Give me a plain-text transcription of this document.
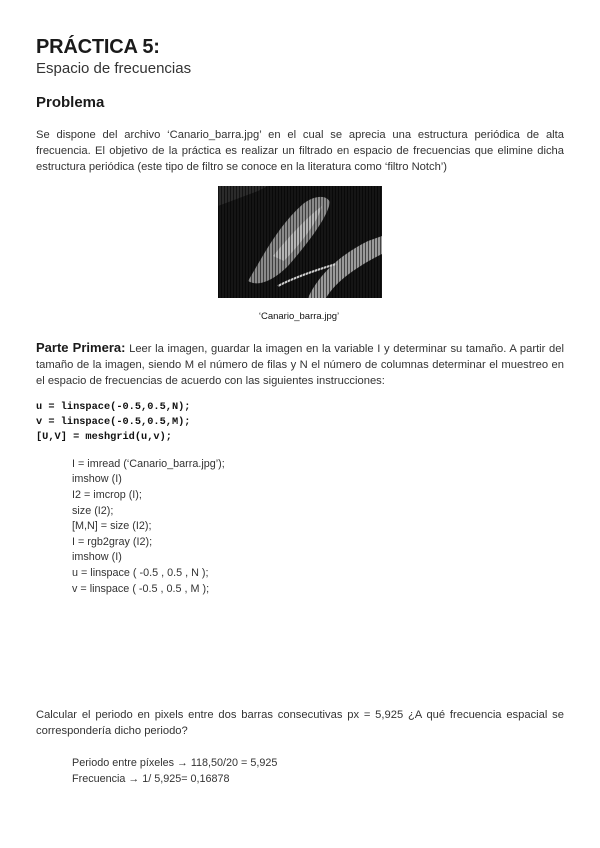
PRÁCTICA 5:
Espacio de frecuencias
Problema

Se dispone del archivo ‘Canario_barra.jpg’ en el cual se aprecia una estructura periódica de alta frecuencia. El objetivo de la práctica es realizar un filtrado en espacio de frecuencias que elimine dicha estructura periódica (este tipo de filtro se conoce en la literatura como ‘filtro Notch’)

‘Canario_barra.jpg’

Parte Primera: Leer la imagen, guardar la imagen en la variable I y determinar su tamaño. A partir del tamaño de la imagen, siendo M el número de filas y N el número de columnas determinar el muestreo en el espacio de frecuencias de acuerdo con las siguientes instrucciones:

u = linspace(-0.5,0.5,N);
v = linspace(-0.5,0.5,M);
[U,V] = meshgrid(u,v);
I = imread (‘Canario_barra.jpg’);
imshow (I)
I2 = imcrop (I);
size (I2);
[M,N] = size (I2);
I = rgb2gray (I2);
imshow (I)
u = linspace ( -0.5 , 0.5 , N );
v = linspace ( -0.5 , 0.5 , M );

Calcular el periodo en pixels entre dos barras consecutivas px = 5,925 ¿A qué frecuencia espacial se correspondería dicho periodo?

Periodo entre píxeles → 118,50/20 = 5,925
Frecuencia → 1/ 5,925= 0,16878
